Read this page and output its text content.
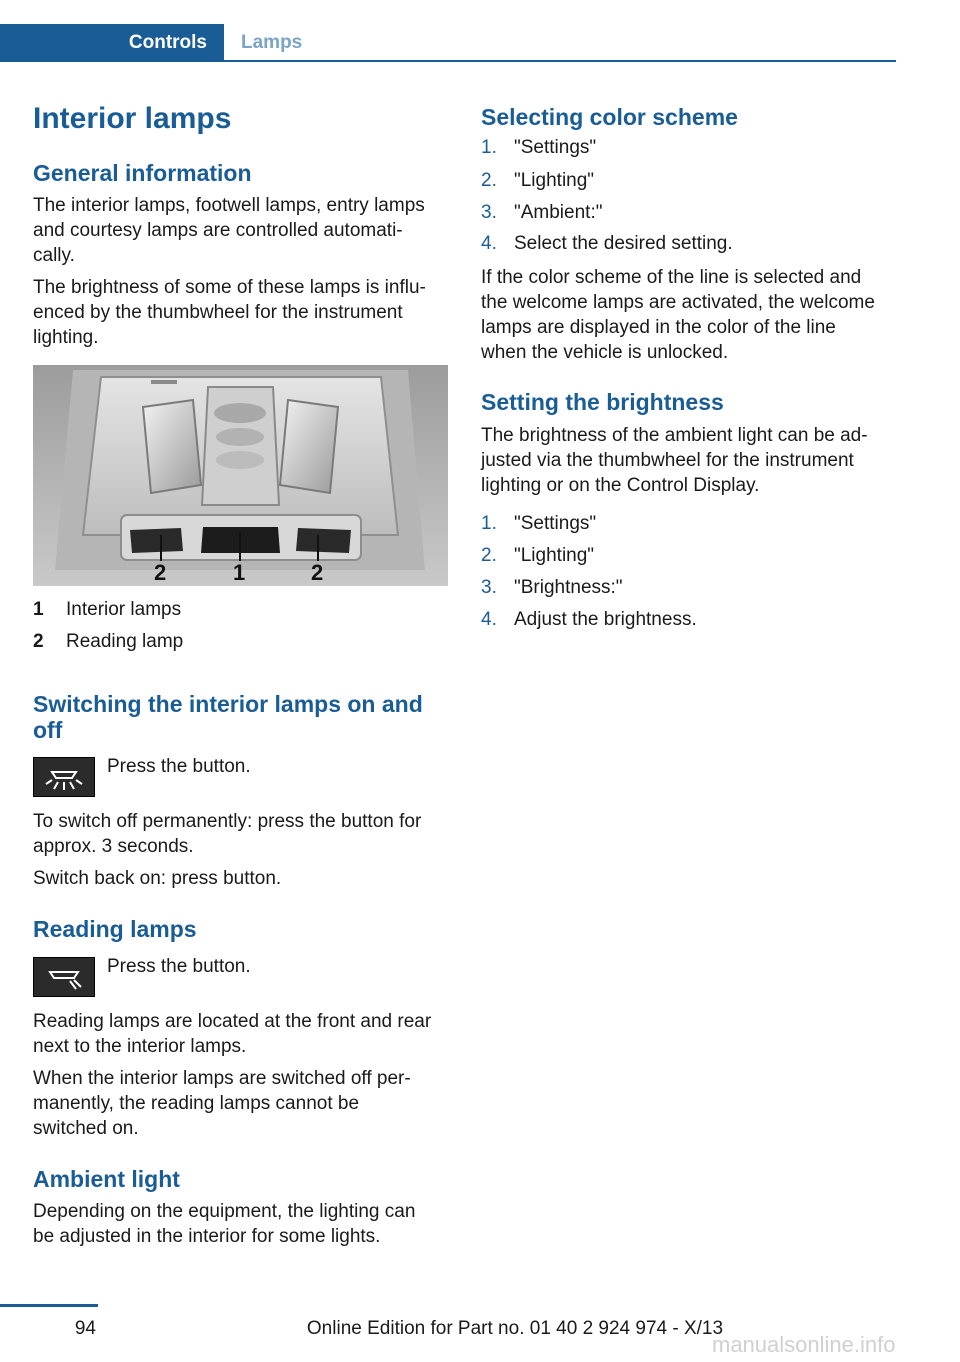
Controls	Lamps
Interior lamps
General information
The interior lamps, footwell lamps, entry lamps
and courtesy lamps are controlled automati-
cally.
The brightness of some of these lamps is influ-
enced by the thumbwheel for the instrument
lighting.
2	1	2
1 Interior lamps
2 Reading lamp
Switching the interior lamps on and
off
Press the button.
To switch off permanently: press the button for
approx. 3 seconds.
Switch back on: press button.
Reading lamps
Press the button.
Reading lamps are located at the front and rear
next to the interior lamps.
When the interior lamps are switched off per-
manently, the reading lamps cannot be
switched on.
Ambient light
Depending on the equipment, the lighting can
be adjusted in the interior for some lights.
Selecting color scheme
1. "Settings"
2. "Lighting"
3. "Ambient:"
4. Select the desired setting.
If the color scheme of the line is selected and
the welcome lamps are activated, the welcome
lamps are displayed in the color of the line
when the vehicle is unlocked.
Setting the brightness
The brightness of the ambient light can be ad-
justed via the thumbwheel for the instrument
lighting or on the Control Display.
1. "Settings"
2. "Lighting"
3. "Brightness:"
4. Adjust the brightness.
94	Online Edition for Part no. 01 40 2 924 974 - X/13
manualsonline.info
